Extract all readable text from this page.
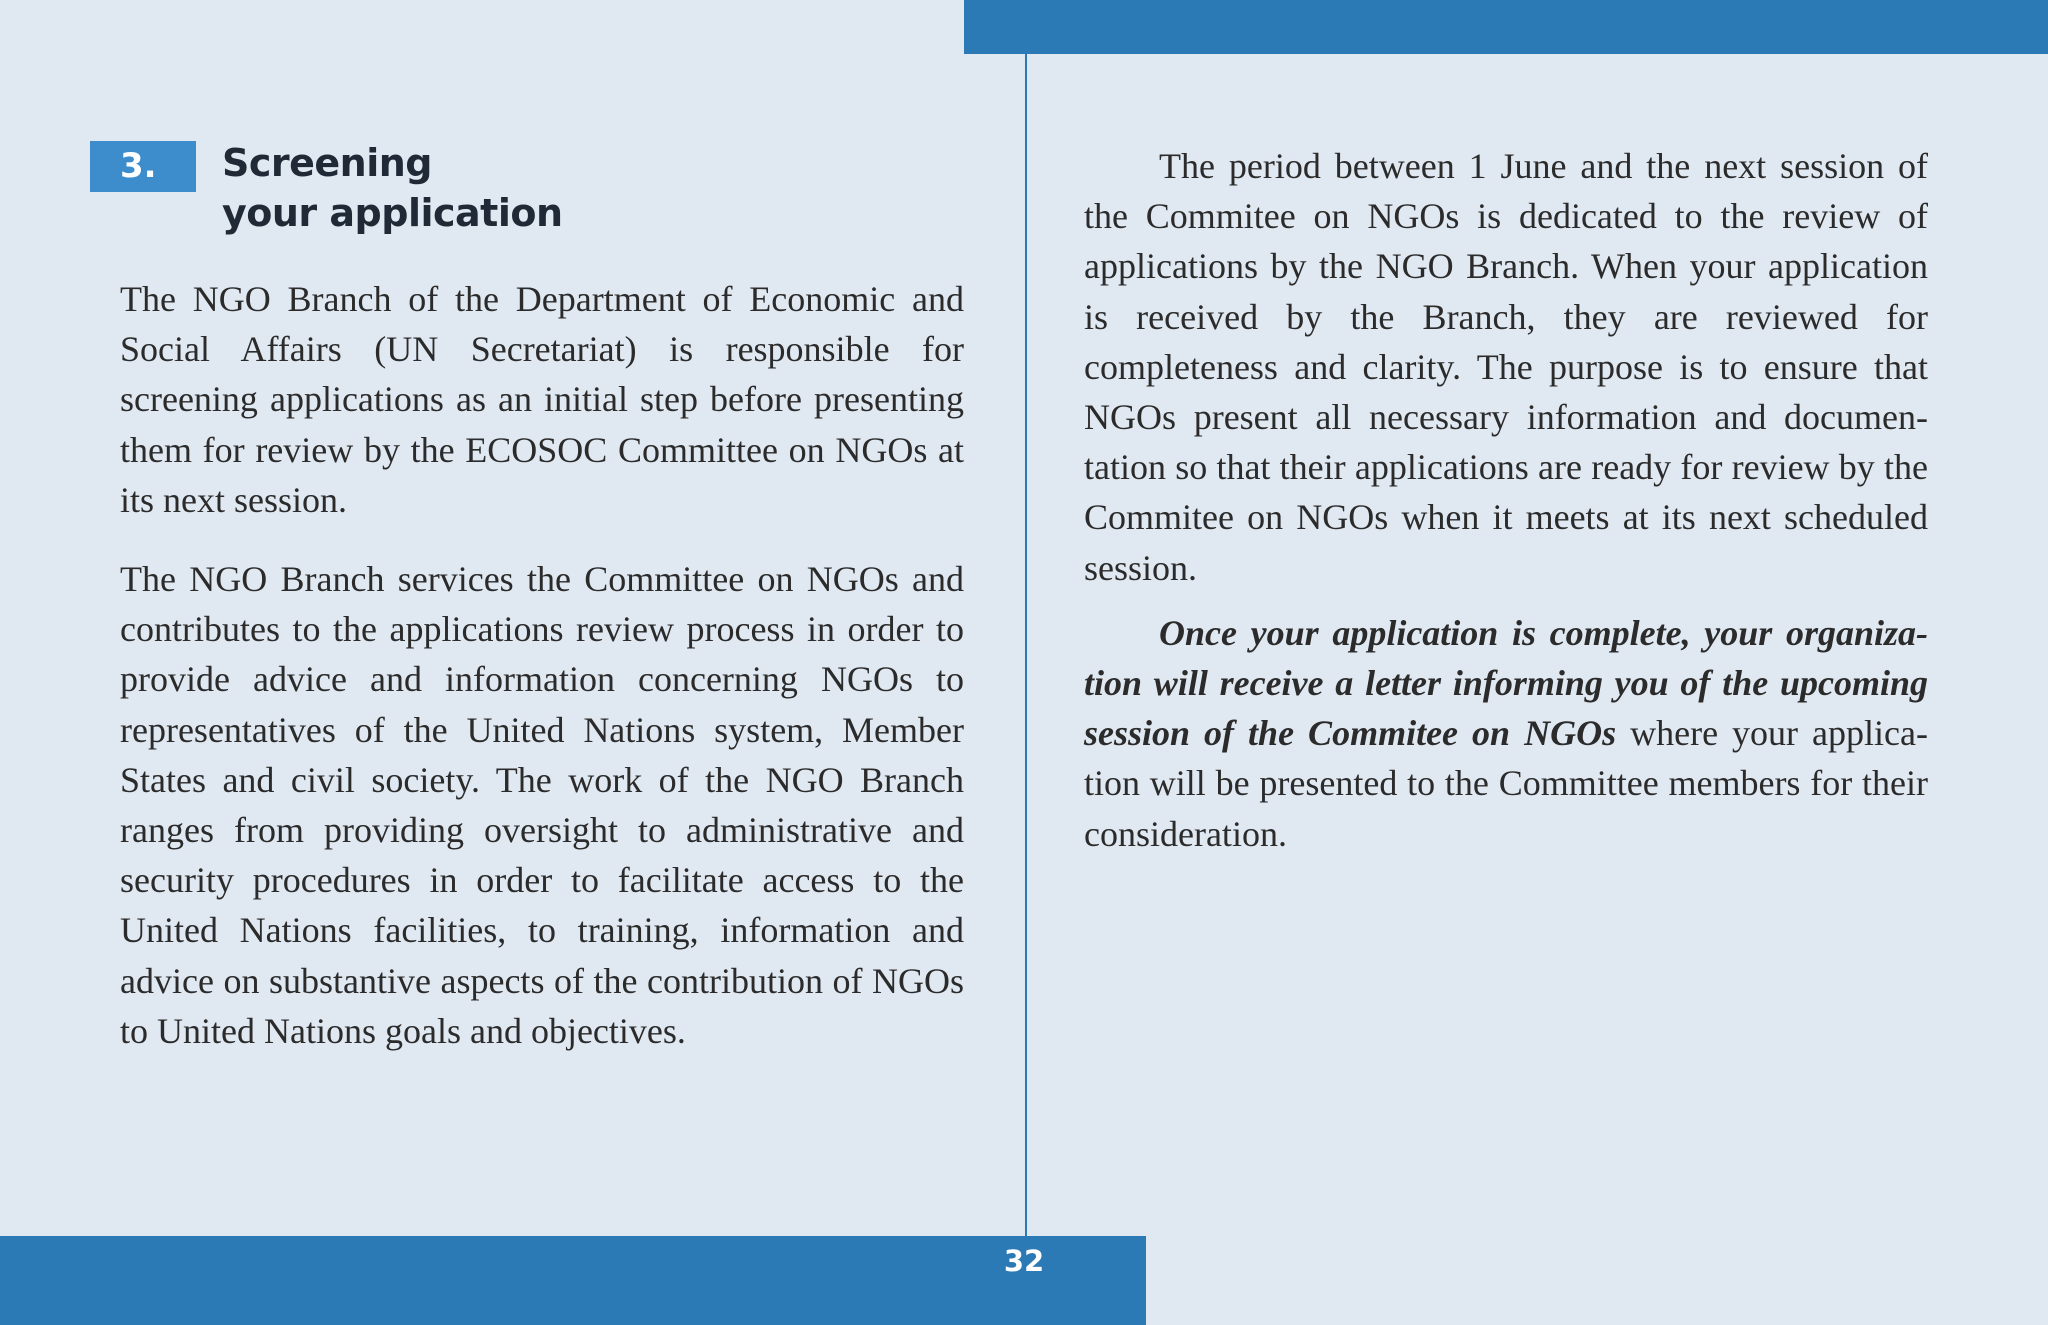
3.	Screening
your application

The NGO Branch of the Department of Economic and Social Affairs (UN Secretariat) is responsible for screening applications as an initial step before presenting them for review by the ECOSOC Committee on NGOs at its next session.

The NGO Branch services the Committee on NGOs and contributes to the applications review process in order to provide advice and information concerning NGOs to representatives of the United Nations system, Member States and civil society. The work of the NGO Branch ranges from providing oversight to administrative and security procedures in order to facilitate access to the United Nations facilities, to training, information and advice on substantive aspects of the contribution of NGOs to United Nations goals and objectives.

The period between 1 June and the next session of the Commitee on NGOs is dedicated to the review of applications by the NGO Branch. When your application is received by the Branch, they are reviewed for completeness and clarity. The purpose is to ensure that NGOs present all necessary information and documentation so that their applications are ready for review by the Commitee on NGOs when it meets at its next scheduled session.

Once your application is complete, your organization will receive a letter informing you of the upcoming session of the Commitee on NGOs where your application will be presented to the Committee members for their consideration.

32
